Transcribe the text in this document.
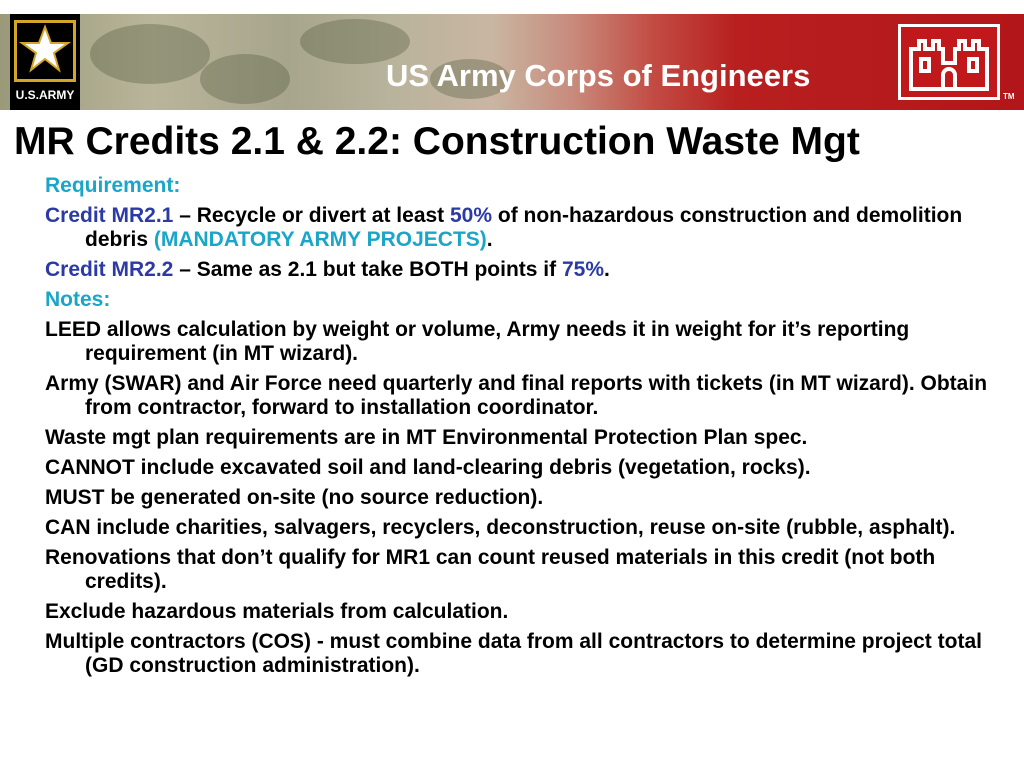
U.S.ARMY
US Army Corps of Engineers
TM
MR Credits 2.1 & 2.2: Construction Waste Mgt

Requirement:

Credit MR2.1 – Recycle or divert at least 50% of non-hazardous construction and demolition debris (MANDATORY ARMY PROJECTS).

Credit MR2.2 – Same as 2.1 but take BOTH points if 75%.

Notes:

LEED allows calculation by weight or volume, Army needs it in weight for it’s reporting requirement (in MT wizard).

Army (SWAR) and Air Force need quarterly and final reports with tickets (in MT wizard). Obtain from contractor, forward to installation coordinator.

Waste mgt plan requirements are in MT Environmental Protection Plan spec.

CANNOT include excavated soil and land-clearing debris (vegetation, rocks).

MUST be generated on-site (no source reduction).

CAN include charities, salvagers, recyclers, deconstruction, reuse on-site (rubble, asphalt).

Renovations that don’t qualify for MR1 can count reused materials in this credit (not both credits).

Exclude hazardous materials from calculation.

Multiple contractors (COS) - must combine data from all contractors to determine project total (GD construction administration).
